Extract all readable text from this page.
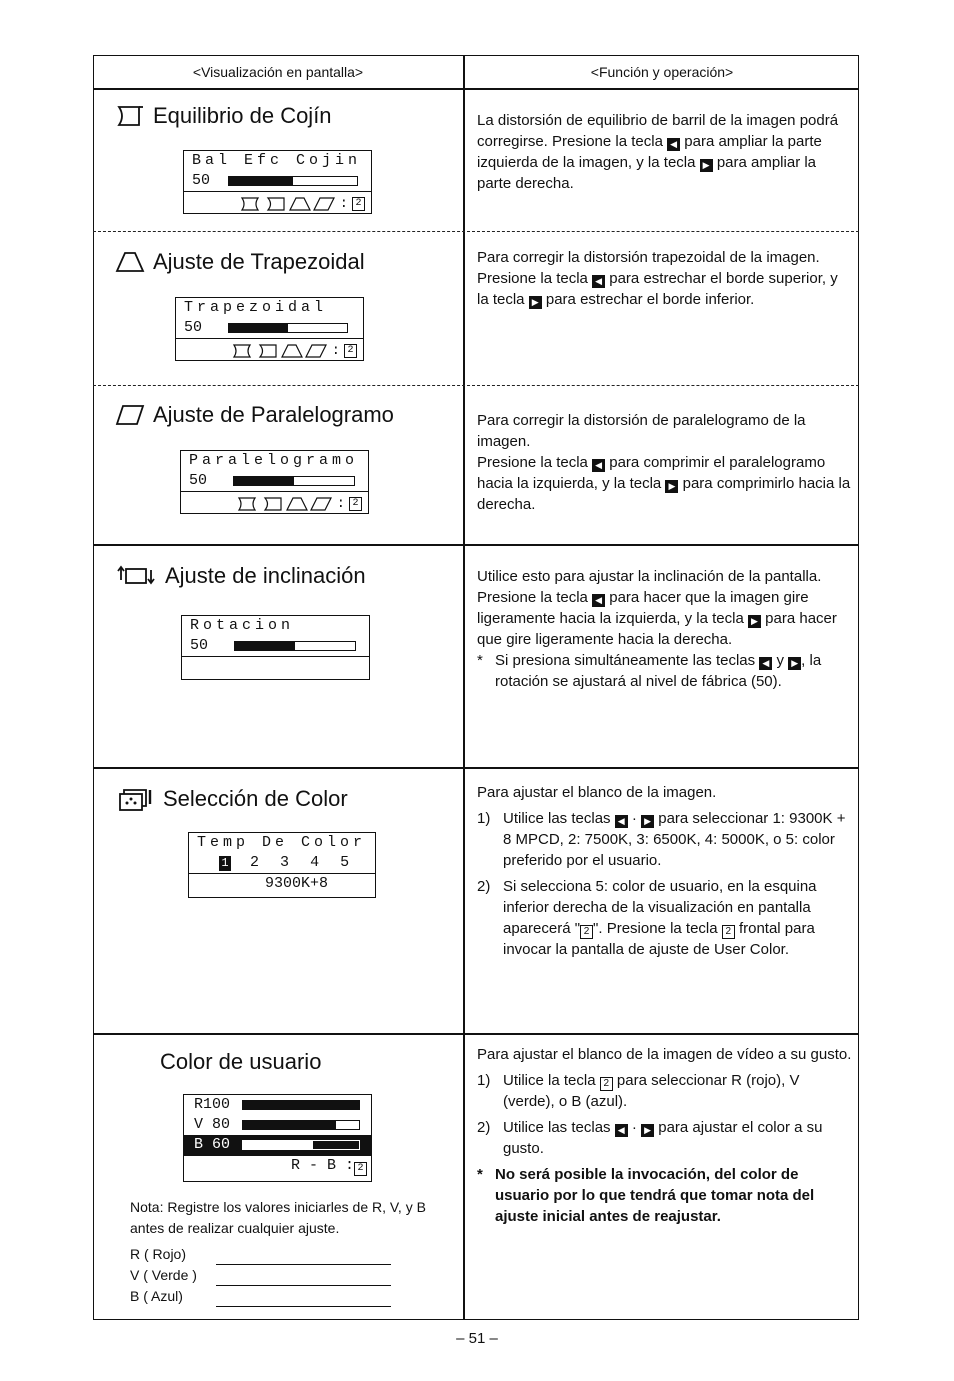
<Visualización en pantalla>	<Función y operación>
Equilibrio de Cojín
Bal Efc Cojin
50
: 2

La distorsión de equilibrio de barril de la imagen podrá corregirse. Presione la tecla ◀ para ampliar la parte izquierda de la imagen, y la tecla ▶ para ampliar la parte derecha.

Ajuste de Trapezoidal
Trapezoidal
50
: 2

Para corregir la distorsión trapezoidal de la imagen.

Presione la tecla ◀ para estrechar el borde superior, y la tecla ▶ para estrechar el borde inferior.

Ajuste de Paralelogramo
Paralelogramo
50
: 2

Para corregir la distorsión de paralelogramo de la imagen.

Presione la tecla ◀ para comprimir el paralelogramo hacia la izquierda, y la tecla ▶ para comprimirlo hacia la derecha.

Ajuste de inclinación
Rotacion
50

Utilice esto para ajustar la inclinación de la pantalla.

Presione la tecla ◀ para hacer que la imagen gire ligeramente hacia la izquierda, y la tecla ▶ para hacer que gire ligeramente hacia la derecha.

* Si presiona simultáneamente las teclas ◀ y ▶ , la rotación se ajustará al nivel de fábrica (50).
Selección de Color
Temp De Color
1 2 3 4 5
9300K+8

Para ajustar el blanco de la imagen.

1) Utilice las teclas ◀ · ▶ para seleccionar 1: 9300K + 8 MPCD, 2: 7500K, 3: 6500K, 4: 5000K, o 5: color preferido por el usuario.
2) Si selecciona 5: color de usuario, en la esquina inferior derecha de la visualización en pantalla aparecerá " 2 ". Presione la tecla 2 frontal para invocar la pantalla de ajuste de User Color.
Color de usuario
R100
V 80
B 60
R - B : 2
Nota: Registre los valores iniciarles de R, V, y B antes de realizar cualquier ajuste.
R ( Rojo)
V ( Verde )
B ( Azul)

Para ajustar el blanco de la imagen de vídeo a su gusto.

1) Utilice la tecla 2 para seleccionar R (rojo), V (verde), o B (azul).
2) Utilice las teclas ◀ · ▶ para ajustar el color a su gusto.
* No será posible la invocación, del color de usuario por lo que tendrá que tomar nota del ajuste inicial antes de reajustar.
– 51 –
